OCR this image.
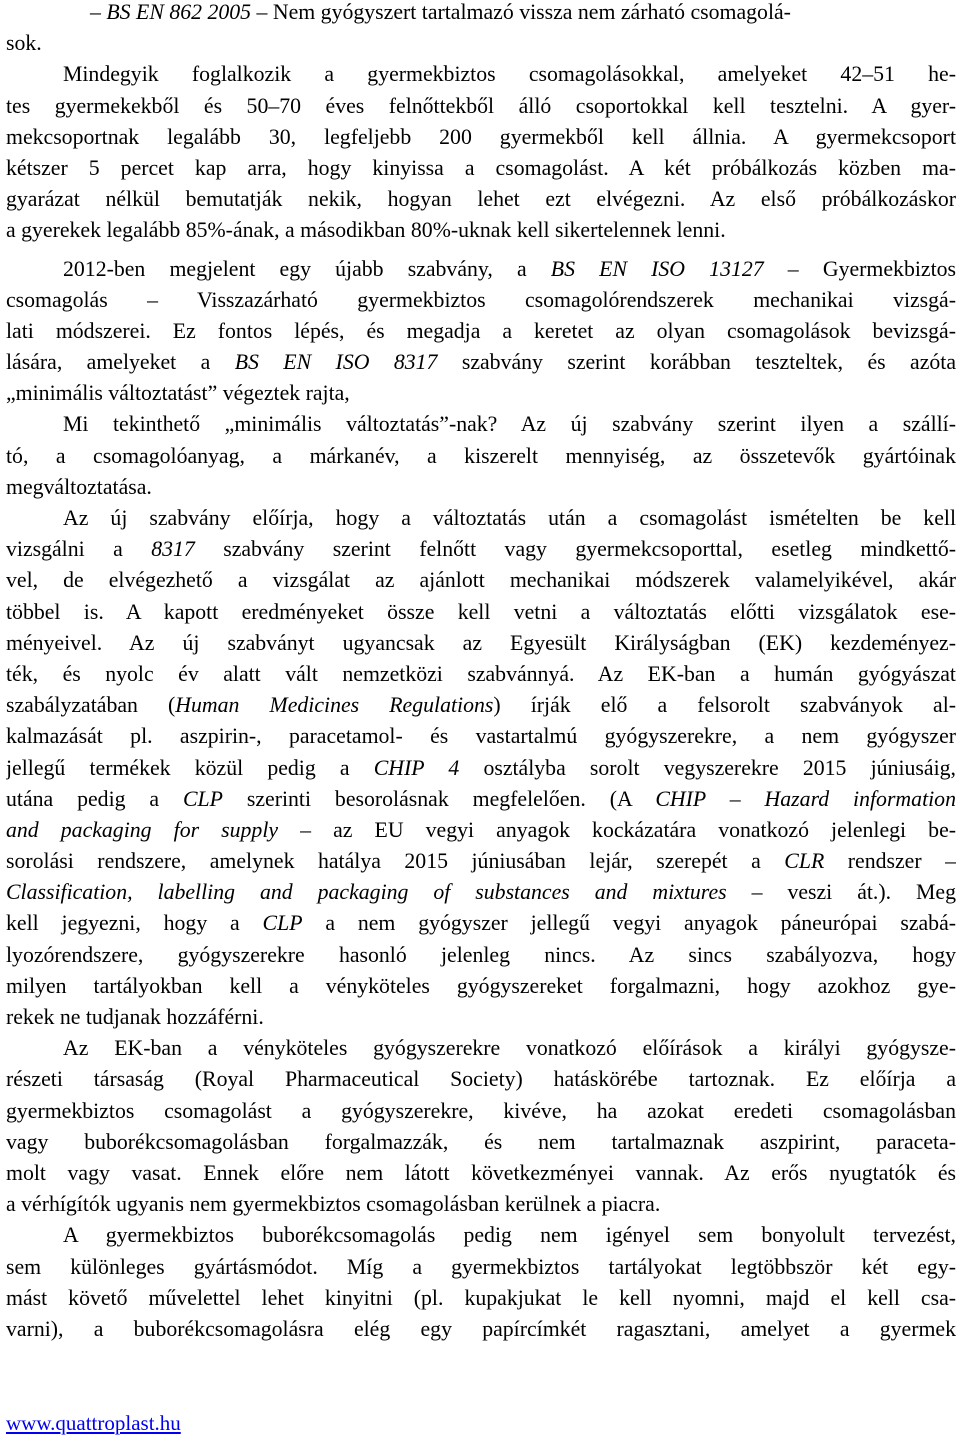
– BS EN 862 2005 – Nem gyógyszert tartalmazó vissza nem zárható csomagolá-
sok.
Mindegyik foglalkozik a gyermekbiztos csomagolásokkal, amelyeket 42–51 he-
tes gyermekekből és 50–70 éves felnőttekből álló csoportokkal kell tesztelni. A gyer-
mekcsoportnak legalább 30, legfeljebb 200 gyermekből kell állnia. A gyermekcsoport
kétszer 5 percet kap arra, hogy kinyissa a csomagolást. A két próbálkozás közben ma-
gyarázat nélkül bemutatják nekik, hogyan lehet ezt elvégezni. Az első próbálkozáskor
a gyerekek legalább 85%-ának, a másodikban 80%-uknak kell sikertelennek lenni.
2012-ben megjelent egy újabb szabvány, a BS EN ISO 13127 – Gyermekbiztos
csomagolás – Visszazárható gyermekbiztos csomagolórendszerek mechanikai vizsgá-
lati módszerei. Ez fontos lépés, és megadja a keretet az olyan csomagolások bevizsgá-
lására, amelyeket a BS EN ISO 8317 szabvány szerint korábban teszteltek, és azóta
„minimális változtatást” végeztek rajta,
Mi tekinthető „minimális változtatás”-nak? Az új szabvány szerint ilyen a szállí-
tó, a csomagolóanyag, a márkanév, a kiszerelt mennyiség, az összetevők gyártóinak
megváltoztatása.
Az új szabvány előírja, hogy a változtatás után a csomagolást ismételten be kell
vizsgálni a 8317 szabvány szerint felnőtt vagy gyermekcsoporttal, esetleg mindkettő-
vel, de elvégezhető a vizsgálat az ajánlott mechanikai módszerek valamelyikével, akár
többel is. A kapott eredményeket össze kell vetni a változtatás előtti vizsgálatok ese-
ményeivel. Az új szabványt ugyancsak az Egyesült Királyságban (EK) kezdeményez-
ték, és nyolc év alatt vált nemzetközi szabvánnyá. Az EK-ban a humán gyógyászat
szabályzatában (Human Medicines Regulations) írják elő a felsorolt szabványok al-
kalmazását pl. aszpirin-, paracetamol- és vastartalmú gyógyszerekre, a nem gyógyszer
jellegű termékek közül pedig a CHIP 4 osztályba sorolt vegyszerekre 2015 júniusáig,
utána pedig a CLP szerinti besorolásnak megfelelően. (A CHIP – Hazard information
and packaging for supply – az EU vegyi anyagok kockázatára vonatkozó jelenlegi be-
sorolási rendszere, amelynek hatálya 2015 júniusában lejár, szerepét a CLR rendszer –
Classification, labelling and packaging of substances and mixtures – veszi át.). Meg
kell jegyezni, hogy a CLP a nem gyógyszer jellegű vegyi anyagok páneurópai szabá-
lyozórendszere, gyógyszerekre hasonló jelenleg nincs. Az sincs szabályozva, hogy
milyen tartályokban kell a vényköteles gyógyszereket forgalmazni, hogy azokhoz gye-
rekek ne tudjanak hozzáférni.
Az EK-ban a vényköteles gyógyszerekre vonatkozó előírások a királyi gyógysze-
részeti társaság (Royal Pharmaceutical Society) hatáskörébe tartoznak. Ez előírja a
gyermekbiztos csomagolást a gyógyszerekre, kivéve, ha azokat eredeti csomagolásban
vagy buborékcsomagolásban forgalmazzák, és nem tartalmaznak aszpirint, paraceta-
molt vagy vasat. Ennek előre nem látott következményei vannak. Az erős nyugtatók és
a vérhígítók ugyanis nem gyermekbiztos csomagolásban kerülnek a piacra.
A gyermekbiztos buborékcsomagolás pedig nem igényel sem bonyolult tervezést,
sem különleges gyártásmódot. Míg a gyermekbiztos tartályokat legtöbbször két egy-
mást követő művelettel lehet kinyitni (pl. kupakjukat le kell nyomni, majd el kell csa-
varni), a buborékcsomagolásra elég egy papírcímkét ragasztani, amelyet a gyermek
www.quattroplast.hu
